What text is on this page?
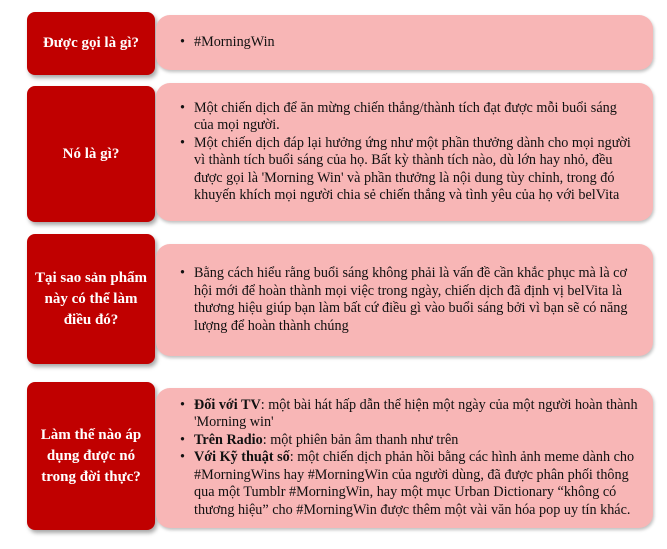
Được gọi là gì?
•	#MorningWin
Nó là gì?
• Một chiến dịch để ăn mừng chiến thắng/thành tích đạt được mỗi buổi sáng của mọi người.
• Một chiến dịch đáp lại hưởng ứng như một phần thưởng dành cho mọi người vì thành tích buổi sáng của họ. Bất kỳ thành tích nào, dù lớn hay nhỏ, đều được gọi là 'Morning Win' và phần thưởng là nội dung tùy chỉnh, trong đó khuyến khích mọi người chia sẻ chiến thắng và tình yêu của họ với belVita
Tại sao sản phẩm này có thể làm điều đó?
• Bằng cách hiểu rằng buổi sáng không phải là vấn đề cần khắc phục mà là cơ hội mới để hoàn thành mọi việc trong ngày, chiến dịch đã định vị belVita là thương hiệu giúp bạn làm bất cứ điều gì vào buổi sáng bởi vì bạn sẽ có năng lượng để hoàn thành chúng
Làm thế nào áp dụng được nó trong đời thực?
• Đối với TV: một bài hát hấp dẫn thể hiện một ngày của một người hoàn thành 'Morning win'
• Trên Radio: một phiên bản âm thanh như trên
• Với Kỹ thuật số: một chiến dịch phản hồi bằng các hình ảnh meme dành cho #MorningWins hay #MorningWin của người dùng, đã được phân phối thông qua một Tumblr #MorningWin, hay một mục Urban Dictionary “không có thương hiệu” cho #MorningWin được thêm một vài văn hóa pop uy tín khác.
